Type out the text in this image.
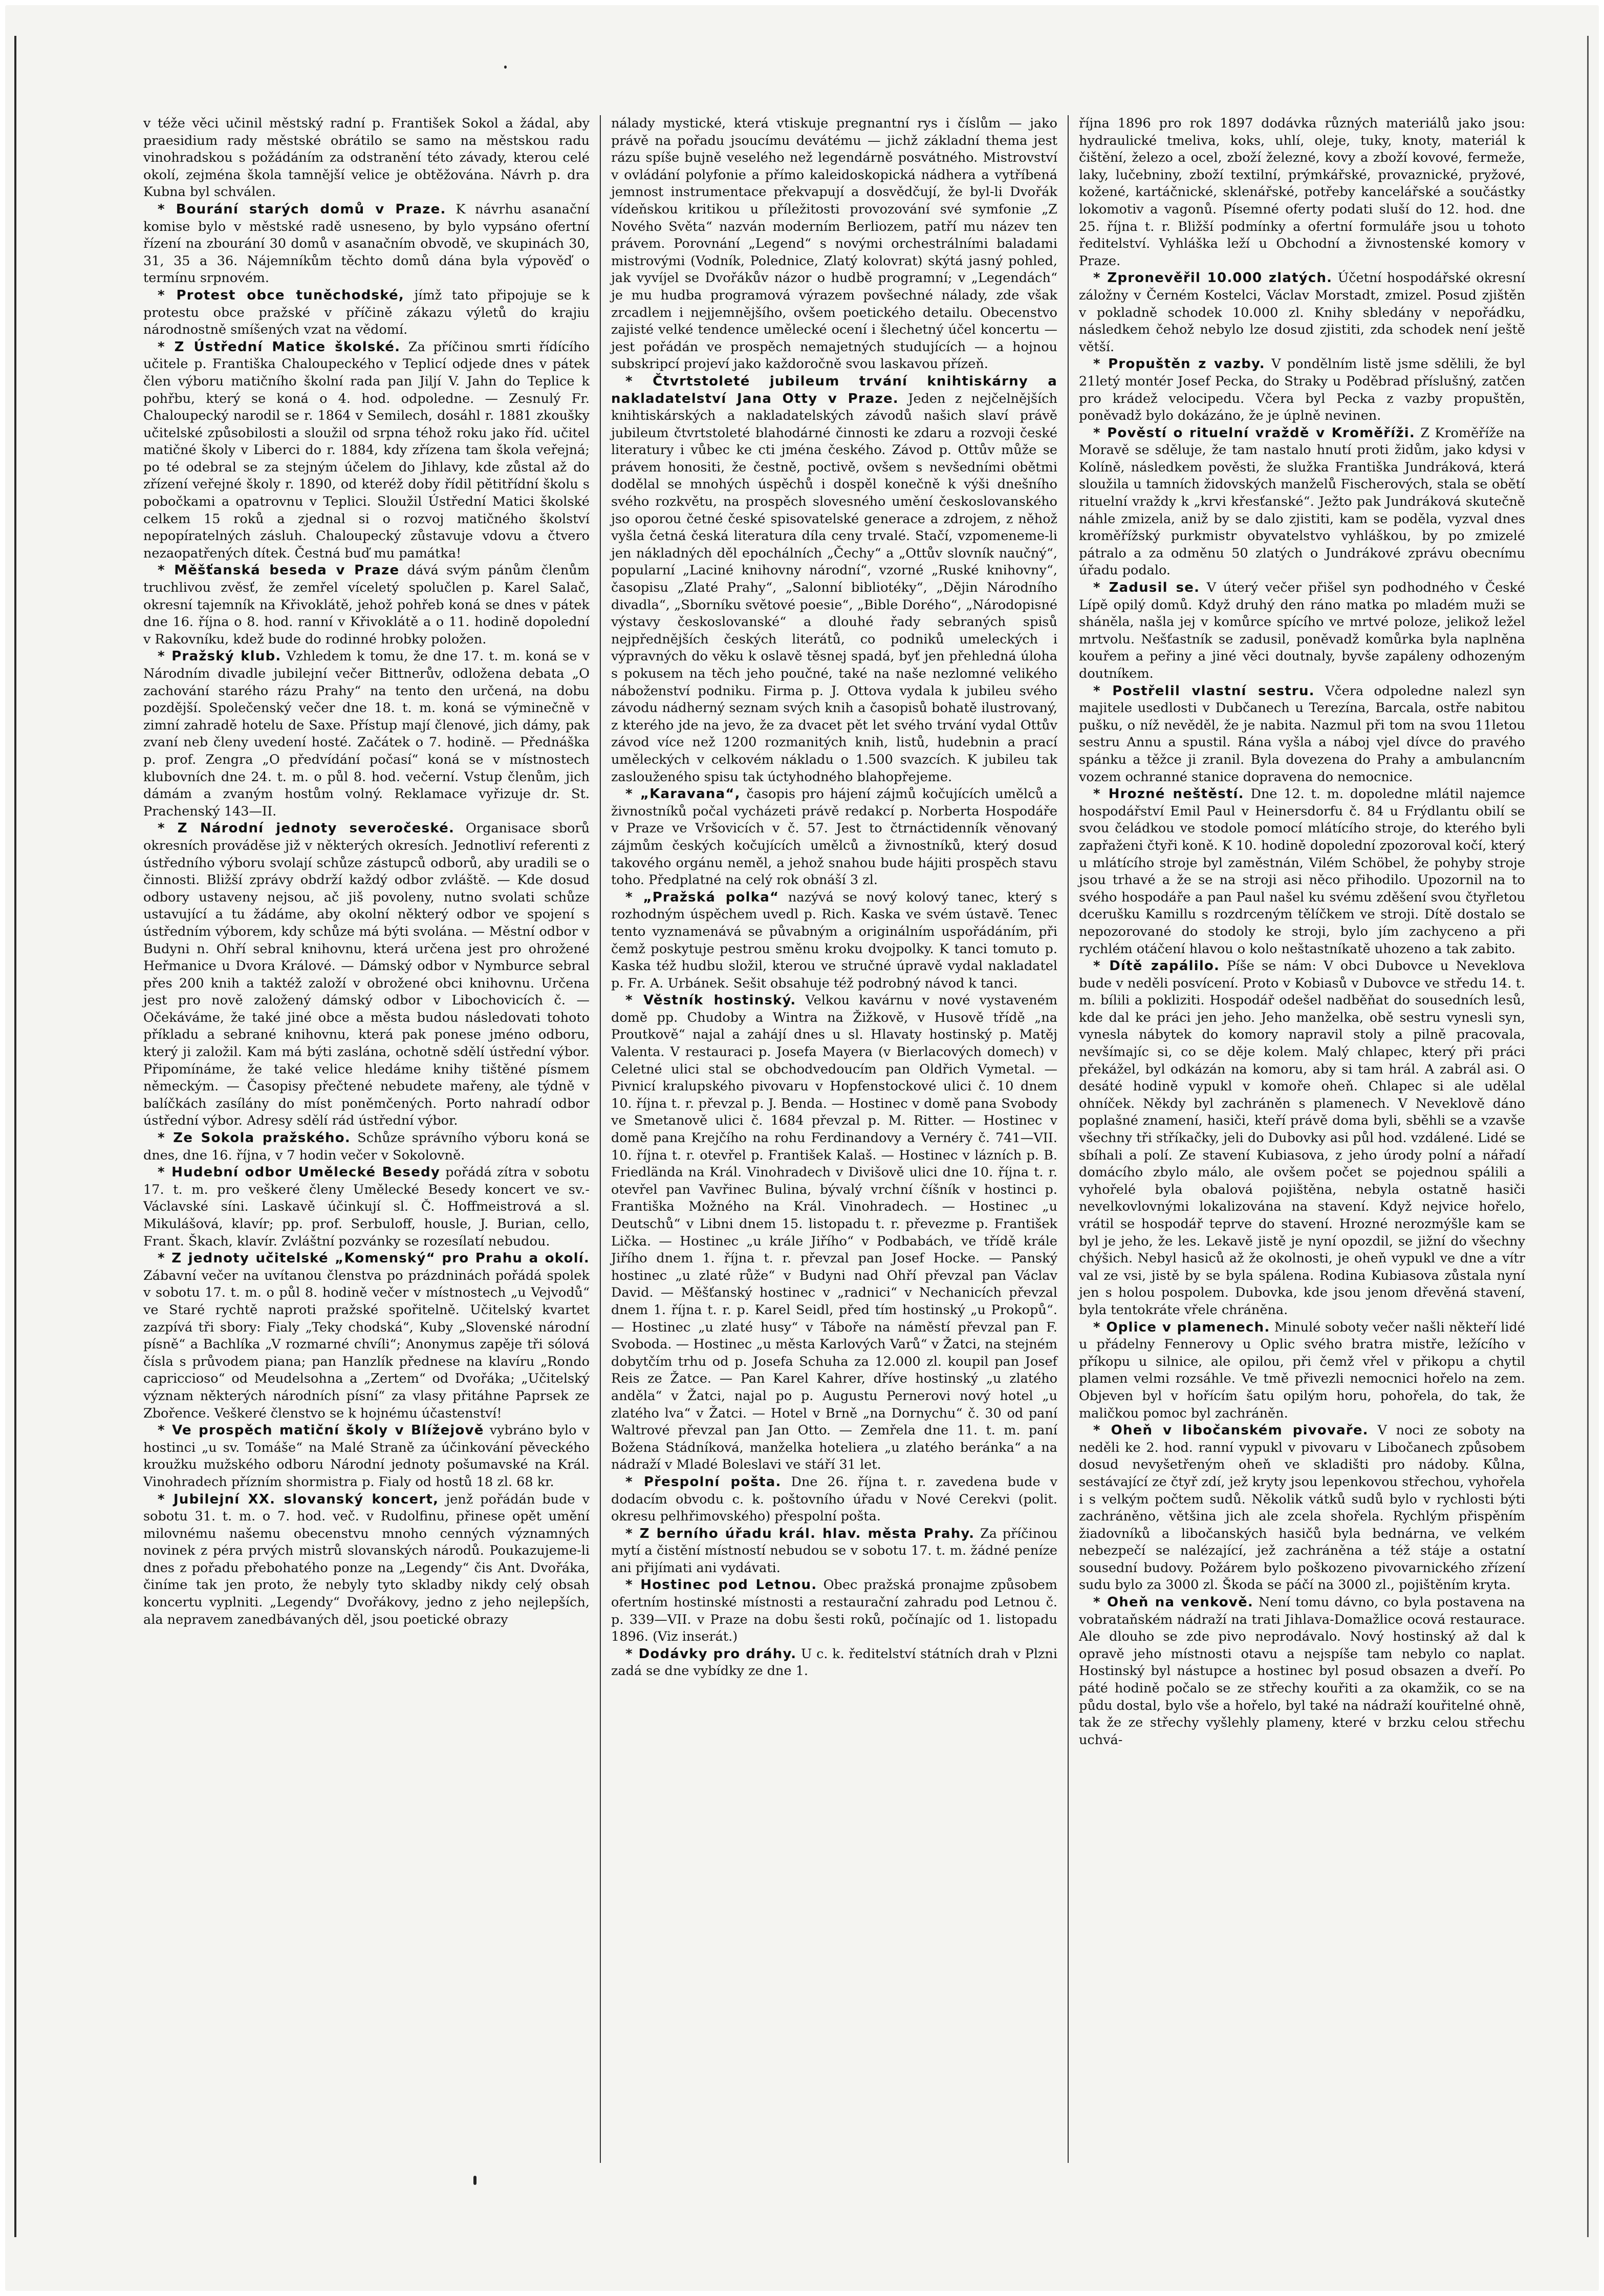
v téže věci učinil městský radní p. František Sokol a žádal, aby praesidium rady městské obrátilo se samo na městskou radu vinohradskou s požádáním za odstranění této závady, kterou celé okolí, zejména škola tamnější velice je obtěžována. Návrh p. dra Kubna byl schválen.

* Bourání starých domů v Praze. K návrhu asanační komise bylo v městské radě usneseno, by bylo vypsáno ofertní řízení na zbourání 30 domů v asanačním obvodě, ve skupinách 30, 31, 35 a 36. Nájemníkům těchto domů dána byla výpověď o termínu srpnovém.

* Protest obce tuněchodské, jímž tato připojuje se k protestu obce pražské v příčině zákazu výletů do krajiu národnostně smíšených vzat na vědomí.

* Z Ústřední Matice školské. Za příčinou smrti řídícího učitele p. Františka Chaloupeckého v Teplicí odjede dnes v pátek člen výboru matičního školní rada pan Jiljí V. Jahn do Teplice k pohřbu, který se koná o 4. hod. odpoledne. — Zesnulý Fr. Chaloupecký narodil se r. 1864 v Semilech, dosáhl r. 1881 zkoušky učitelské způsobilosti a sloužil od srpna téhož roku jako říd. učitel matičné školy v Liberci do r. 1884, kdy zřízena tam škola veřejná; po té odebral se za stejným účelem do Jihlavy, kde zůstal až do zřízení veřejné školy r. 1890, od kteréž doby řídil pětitřídní školu s pobočkami a opatrovnu v Teplici. Sloužil Ústřední Matici školské celkem 15 roků a zjednal si o rozvoj matičného školství nepopíratelných zásluh. Chaloupecký zůstavuje vdovu a čtvero nezaopatřených dítek. Čestná buď mu památka!

* Měšťanská beseda v Praze dává svým pánům členům truchlivou zvěsť, že zemřel víceletý spolučlen p. Karel Salač, okresní tajemník na Křivoklátě, jehož pohřeb koná se dnes v pátek dne 16. října o 8. hod. ranní v Křivoklátě a o 11. hodině dopolední v Rakovníku, kdež bude do rodinné hrobky položen.

* Pražský klub. Vzhledem k tomu, že dne 17. t. m. koná se v Národním divadle jubilejní večer Bittnerův, odložena debata „O zachování starého rázu Prahy“ na tento den určená, na dobu pozdější. Společenský večer dne 18. t. m. koná se výminečně v zimní zahradě hotelu de Saxe. Přístup mají členové, jich dámy, pak zvaní neb členy uvedení hosté. Začátek o 7. hodině. — Přednáška p. prof. Zengra „O předvídání počasí“ koná se v místnostech klubovních dne 24. t. m. o půl 8. hod. večerní. Vstup členům, jich dámám a zvaným hostům volný. Reklamace vyřizuje dr. St. Prachenský 143—II.

* Z Národní jednoty severočeské. Organisace sborů okresních prováděse již v některých okresích. Jednotliví referenti z ústředního výboru svolají schůze zástupců odborů, aby uradili se o činnosti. Bližší zprávy obdrží každý odbor zvláště. — Kde dosud odbory ustaveny nejsou, ač jiš povoleny, nutno svolati schůze ustavující a tu žádáme, aby okolní některý odbor ve spojení s ústředním výborem, kdy schůze má býti svolána. — Městní odbor v Budyni n. Ohří sebral knihovnu, která určena jest pro ohrožené Heřmanice u Dvora Králové. — Dámský odbor v Nymburce sebral přes 200 knih a taktéž založí v obrožené obci knihovnu. Určena jest pro nově založený dámský odbor v Libochovicích č. — Očekáváme, že také jiné obce a města budou následovati tohoto příkladu a sebrané knihovnu, která pak ponese jméno odboru, který ji založil. Kam má býti zaslána, ochotně sdělí ústřední výbor. Připomínáme, že také velice hledáme knihy tištěné písmem německým. — Časopisy přečtené nebudete mařeny, ale týdně v balíčkách zasílány do míst poněmčených. Porto nahradí odbor ústřední výbor. Adresy sdělí rád ústřední výbor.

* Ze Sokola pražského. Schůze správního výboru koná se dnes, dne 16. října, v 7 hodin večer v Sokolovně.

* Hudební odbor Umělecké Besedy pořádá zítra v sobotu 17. t. m. pro veškeré členy Umělecké Besedy koncert ve sv.-Václavské síni. Laskavě účinkují sl. Č. Hoffmeistrová a sl. Mikulášová, klavír; pp. prof. Serbuloff, housle, J. Burian, cello, Frant. Škach, klavír. Zvláštní pozvánky se rozesílatí nebudou.

* Z jednoty učitelské „Komenský“ pro Prahu a okolí. Zábavní večer na uvítanou členstva po prázdninách pořádá spolek v sobotu 17. t. m. o půl 8. hodině večer v místnostech „u Vejvodů“ ve Staré rychtě naproti pražské spořitelně. Učitelský kvartet zazpívá tři sbory: Fialy „Teky chodská“, Kuby „Slovenské národní písně“ a Bachlíka „V rozmarné chvíli“; Anonymus zapěje tři sólová čísla s průvodem piana; pan Hanzlík přednese na klavíru „Rondo capriccioso“ od Meudelsohna a „Zertem“ od Dvořáka; „Učitelský význam některých národních písní“ za vlasy přitáhne Paprsek ze Zbořence. Veškeré členstvo se k hojnému účastenství!

* Ve prospěch matiční školy v Blížejově vybráno bylo v hostinci „u sv. Tomáše“ na Malé Straně za účinkování pěveckého kroužku mužského odboru Národní jednoty pošumavské na Král. Vinohradech přízním shormistra p. Fialy od hostů 18 zl. 68 kr.

* Jubilejní XX. slovanský koncert, jenž pořádán bude v sobotu 31. t. m. o 7. hod. več. v Rudolfinu, přinese opět umění milovnému našemu obecenstvu mnoho cenných významných novinek z péra prvých mistrů slovanských národů. Poukazujeme-li dnes z pořadu přebohatého ponze na „Legendy“ čis Ant. Dvořáka, činíme tak jen proto, že nebyly tyto skladby nikdy celý obsah koncertu vyplniti. „Legendy“ Dvořákovy, jedno z jeho nejlepších, ala nepravem zanedbávaných děl, jsou poetické obrazy

nálady mystické, která vtiskuje pregnantní rys i číslům — jako právě na pořadu jsoucímu devátému — jichž základní thema jest rázu spíše bujně veselého než legendárně posvátného. Mistrovství v ovládání polyfonie a přímo kaleidoskopická nádhera a vytříbená jemnost instrumentace překvapují a dosvědčují, že byl-li Dvořák vídeňskou kritikou u příležitosti provozování své symfonie „Z Nového Světa“ nazván moderním Berliozem, patří mu název ten právem. Porovnání „Legend“ s novými orchestrálními baladami mistrovými (Vodník, Polednice, Zlatý kolovrat) skýtá jasný pohled, jak vyvíjel se Dvořákův názor o hudbě programní; v „Legendách“ je mu hudba programová výrazem povšechné nálady, zde však zrcadlem i nejjemnějšího, ovšem poetického detailu. Obecenstvo zajisté velké tendence umělecké ocení i šlechetný účel koncertu — jest pořádán ve prospěch nemajetných studujících — a hojnou subskripcí projeví jako každoročně svou laskavou přízeň.

* Čtvrtstoleté jubileum trvání knihtiskárny a nakladatelství Jana Otty v Praze. Jeden z nejčelnějších knihtiskárských a nakladatelských závodů našich slaví právě jubileum čtvrtstoleté blahodárné činnosti ke zdaru a rozvoji české literatury i vůbec ke cti jména českého. Závod p. Ottův může se právem honositi, že čestně, poctivě, ovšem s nevšedními obětmi dodělal se mnohých úspěchů i dospěl konečně k výši dnešního svého rozkvětu, na prospěch slovesného umění českoslovanského jso oporou četné české spisovatelské generace a zdrojem, z něhož vyšla četná česká literatura díla ceny trvalé. Stačí, vzpomeneme-li jen nákladných děl epochálních „Čechy“ a „Ottův slovník naučný“, popularní „Laciné knihovny národní“, vzorné „Ruské knihovny“, časopisu „Zlaté Prahy“, „Salonní bibliotéky“, „Dějin Národního divadla“, „Sborníku světové poesie“, „Bible Dorého“, „Národopisné výstavy českoslovanské“ a dlouhé řady sebraných spisů nejpřednějších českých literátů, co podniků umeleckých i výpravných do věku k oslavě těsnej spadá, byť jen přehledná úloha s pokusem na těch jeho poučné, také na naše nezlomné velikého náboženství podniku. Firma p. J. Ottova vydala k jubileu svého závodu nádherný seznam svých knih a časopisů bohatě ilustrovaný, z kterého jde na jevo, že za dvacet pět let svého trvání vydal Ottův závod více než 1200 rozmanitých knih, listů, hudebnin a prací uměleckých v celkovém nákladu o 1.500 svazcích. K jubileu tak zaslouženého spisu tak úctyhodného blahopřejeme.

* „Karavana“, časopis pro hájení zájmů kočujících umělců a živnostníků počal vycházeti právě redakcí p. Norberta Hospodáře v Praze ve Vršovicích v č. 57. Jest to čtrnáctidenník věnovaný zájmům českých kočujících umělců a živnostníků, který dosud takového orgánu neměl, a jehož snahou bude hájiti prospěch stavu toho. Předplatné na celý rok obnáší 3 zl.

* „Pražská polka“ nazývá se nový kolový tanec, který s rozhodným úspěchem uvedl p. Rich. Kaska ve svém ústavě. Tenec tento vyznamenává se půvabným a originálním uspořádáním, při čemž poskytuje pestrou směnu kroku dvojpolky. K tanci tomuto p. Kaska též hudbu složil, kterou ve stručné úpravě vydal nakladatel p. Fr. A. Urbánek. Sešit obsahuje též podrobný návod k tanci.

* Věstník hostinský. Velkou kavárnu v nové vystaveném domě pp. Chudoby a Wintra na Žižkově, v Husově třídě „na Proutkově“ najal a zahájí dnes u sl. Hlavaty hostinský p. Matěj Valenta. V restauraci p. Josefa Mayera (v Bierlacových domech) v Celetné ulici stal se obchodvedoucím pan Oldřich Vymetal. — Pivnicí kralupského pivovaru v Hopfenstockové ulici č. 10 dnem 10. října t. r. převzal p. J. Benda. — Hostinec v domě pana Svobody ve Smetanově ulici č. 1684 převzal p. M. Ritter. — Hostinec v domě pana Krejčího na rohu Ferdinandovy a Vernéry č. 741—VII. 10. října t. r. otevřel p. František Kalaš. — Hostinec v lázních p. B. Friedlända na Král. Vinohradech v Divišově ulici dne 10. října t. r. otevřel pan Vavřinec Bulina, bývalý vrchní číšník v hostinci p. Františka Možného na Král. Vinohradech. — Hostinec „u Deutschů“ v Libni dnem 15. listopadu t. r. převezme p. František Lička. — Hostinec „u krále Jiřího“ v Podbabách, ve třídě krále Jiřího dnem 1. října t. r. převzal pan Josef Hocke. — Panský hostinec „u zlaté růže“ v Budyni nad Ohří převzal pan Václav David. — Měšťanský hostinec v „radnici“ v Nechanicích převzal dnem 1. října t. r. p. Karel Seidl, před tím hostinský „u Prokopů“. — Hostinec „u zlaté husy“ v Táboře na náměstí převzal pan F. Svoboda. — Hostinec „u města Karlových Varů“ v Žatci, na stejném dobytčím trhu od p. Josefa Schuha za 12.000 zl. koupil pan Josef Reis ze Žatce. — Pan Karel Kahrer, dříve hostinský „u zlatého anděla“ v Žatci, najal po p. Augustu Pernerovi nový hotel „u zlatého lva“ v Žatci. — Hotel v Brně „na Dornychu“ č. 30 od paní Waltrové převzal pan Jan Otto. — Zemřela dne 11. t. m. paní Božena Stádníková, manželka hoteliera „u zlatého beránka“ a na nádraží v Mladé Boleslavi ve stáří 31 let.

* Přespolní pošta. Dne 26. října t. r. zavedena bude v dodacím obvodu c. k. poštovního úřadu v Nové Cerekvi (polit. okresu pelhřimovského) přespolní pošta.

* Z berního úřadu král. hlav. města Prahy. Za příčinou mytí a čistění místností nebudou se v sobotu 17. t. m. žádné peníze ani přijímati ani vydávati.

* Hostinec pod Letnou. Obec pražská pronajme způsobem ofertním hostinské místnosti a restaurační zahradu pod Letnou č. p. 339—VII. v Praze na dobu šesti roků, počínajíc od 1. listopadu 1896. (Viz inserát.)

* Dodávky pro dráhy. U c. k. ředitelství státních drah v Plzni zadá se dne vybídky ze dne 1.

října 1896 pro rok 1897 dodávka různých materiálů jako jsou: hydraulické tmeliva, koks, uhlí, oleje, tuky, knoty, materiál k čištění, železo a ocel, zboží železné, kovy a zboží kovové, fermeže, laky, lučebniny, zboží textilní, prýmkářské, provaznické, pryžové, kožené, kartáčnické, sklenářské, potřeby kancelářské a součástky lokomotiv a vagonů. Písemné oferty podati sluší do 12. hod. dne 25. října t. r. Bližší podmínky a ofertní formuláře jsou u tohoto ředitelství. Vyhláška leží u Obchodní a živnostenské komory v Praze.

* Zpronevěřil 10.000 zlatých. Účetní hospodářské okresní záložny v Černém Kostelci, Václav Morstadt, zmizel. Posud zjištěn v pokladně schodek 10.000 zl. Knihy sbledány v nepořádku, následkem čehož nebylo lze dosud zjistiti, zda schodek není ještě větší.

* Propuštěn z vazby. V pondělním listě jsme sdělili, že byl 21letý montér Josef Pecka, do Straky u Poděbrad příslušný, zatčen pro krádež velocipedu. Včera byl Pecka z vazby propuštěn, poněvadž bylo dokázáno, že je úplně nevinen.

* Pověstí o rituelní vraždě v Kroměříži. Z Kroměříže na Moravě se sděluje, že tam nastalo hnutí proti židům, jako kdysi v Kolíně, následkem pověsti, že služka Františka Jundráková, která sloužila u tamních židovských manželů Fischerových, stala se obětí rituelní vraždy k „krvi křesťanské“. Ježto pak Jundráková skutečně náhle zmizela, aniž by se dalo zjistiti, kam se poděla, vyzval dnes kroměřížský purkmistr obyvatelstvo vyhláškou, by po zmizelé pátralo a za odměnu 50 zlatých o Jundrákové zprávu obecnímu úřadu podalo.

* Zadusil se. V úterý večer přišel syn podhodného v České Lípě opilý domů. Když druhý den ráno matka po mladém muži se sháněla, našla jej v komůrce spícího ve mrtvé poloze, jelikož ležel mrtvolu. Nešťastník se zadusil, poněvadž komůrka byla naplněna kouřem a peřiny a jiné věci doutnaly, byvše zapáleny odhozeným doutníkem.

* Postřelil vlastní sestru. Včera odpoledne nalezl syn majitele usedlosti v Dubčanech u Terezína, Barcala, ostře nabitou pušku, o níž nevěděl, že je nabita. Nazmul při tom na svou 11letou sestru Annu a spustil. Rána vyšla a náboj vjel dívce do pravého spánku a těžce ji zranil. Byla dovezena do Prahy a ambulancním vozem ochranné stanice dopravena do nemocnice.

* Hrozné neštěstí. Dne 12. t. m. dopoledne mlátil najemce hospodářství Emil Paul v Heinersdorfu č. 84 u Frýdlantu obilí se svou čeládkou ve stodole pomocí mlátícího stroje, do kterého byli zapřaženi čtyři koně. K 10. hodině dopolední zpozoroval kočí, který u mlátícího stroje byl zaměstnán, Vilém Schöbel, že pohyby stroje jsou trhavé a že se na stroji asi něco přihodilo. Upozornil na to svého hospodáře a pan Paul našel ku svému zděšení svou čtyřletou dcerušku Kamillu s rozdrceným tělíčkem ve stroji. Dítě dostalo se nepozorované do stodoly ke stroji, bylo jím zachyceno a při rychlém otáčení hlavou o kolo neštastníkatě uhozeno a tak zabito.

* Dítě zapálilo. Píše se nám: V obci Dubovce u Neveklova bude v neděli posvícení. Proto v Kobiasů v Dubovce ve středu 14. t. m. bílili a pokliziti. Hospodář odešel nadběňat do sousedních lesů, kde dal ke práci jen jeho. Jeho manželka, obě sestru vynesli syn, vynesla nábytek do komory napravil stoly a pilně pracovala, nevšímajíc si, co se děje kolem. Malý chlapec, který při práci překážel, byl odkázán na komoru, aby si tam hrál. A zabrál asi. O desáté hodině vypukl v komoře oheň. Chlapec si ale udělal ohníček. Někdy byl zachráněn s plamenech. V Neveklově dáno poplašné znamení, hasiči, kteří právě doma byli, sběhli se a vzavše všechny tři stříkačky, jeli do Dubovky asi půl hod. vzdálené. Lidé se sbíhali a polí. Ze stavení Kubiasova, z jeho úrody polní a nářadí domácího zbylo málo, ale ovšem počet se pojednou spálili a vyhořelé byla obalová pojištěna, nebyla ostatně hasiči nevelkovlovnými lokalizována na stavení. Když nejvice hořelo, vrátil se hospodář teprve do stavení. Hrozné nerozmýšle kam se byl je jeho, že les. Lekavě jistě je nyní opozdil, se jižní do všechny chýšich. Nebyl hasiců až že okolnosti, je oheň vypukl ve dne a vítr val ze vsi, jistě by se byla spálena. Rodina Kubiasova zůstala nyní jen s holou pospolem. Dubovka, kde jsou jenom dřevěná stavení, byla tentokráte vřele chráněna.

* Oplice v plamenech. Minulé soboty večer našli někteří lidé u přádelny Fennerovy u Oplic svého bratra mistře, ležícího v příkopu u silnice, ale opilou, při čemž vřel v přikopu a chytil plamen velmi rozsáhle. Ve tmě přivezli nemocnici hořelo na zem. Objeven byl v hořícím šatu opilým horu, pohořela, do tak, že maličkou pomoc byl zachráněn.

* Oheň v libočanském pivovaře. V noci ze soboty na neděli ke 2. hod. ranní vypukl v pivovaru v Libočanech způsobem dosud nevyšetřeným oheň ve skladišti pro nádoby. Kůlna, sestávající ze čtyř zdí, jež kryty jsou lepenkovou střechou, vyhořela i s velkým počtem sudů. Několik vátků sudů bylo v rychlosti býti zachráněno, většina jich ale zcela shořela. Rychlým přispěním žiadovníků a libočanských hasičů byla bednárna, ve velkém nebezpečí se nalézající, jež zachráněna a též stáje a ostatní sousední budovy. Požárem bylo poškozeno pivovarnického zřízení sudu bylo za 3000 zl. Škoda se páčí na 3000 zl., pojištěním kryta.

* Oheň na venkově. Není tomu dávno, co byla postavena na vobrataňském nádraží na trati Jihlava-Domažlice ocová restaurace. Ale dlouho se zde pivo neprodávalo. Nový hostinský až dal k opravě jeho místnosti otavu a nejspíše tam nebylo co naplat. Hostinský byl nástupce a hostinec byl posud obsazen a dveří. Po páté hodině počalo se ze střechy kouřiti a za okamžik, co se na půdu dostal, bylo vše a hořelo, byl také na nádraží kouřitelné ohně, tak že ze střechy vyšlehly plameny, které v brzku celou střechu uchvá-
